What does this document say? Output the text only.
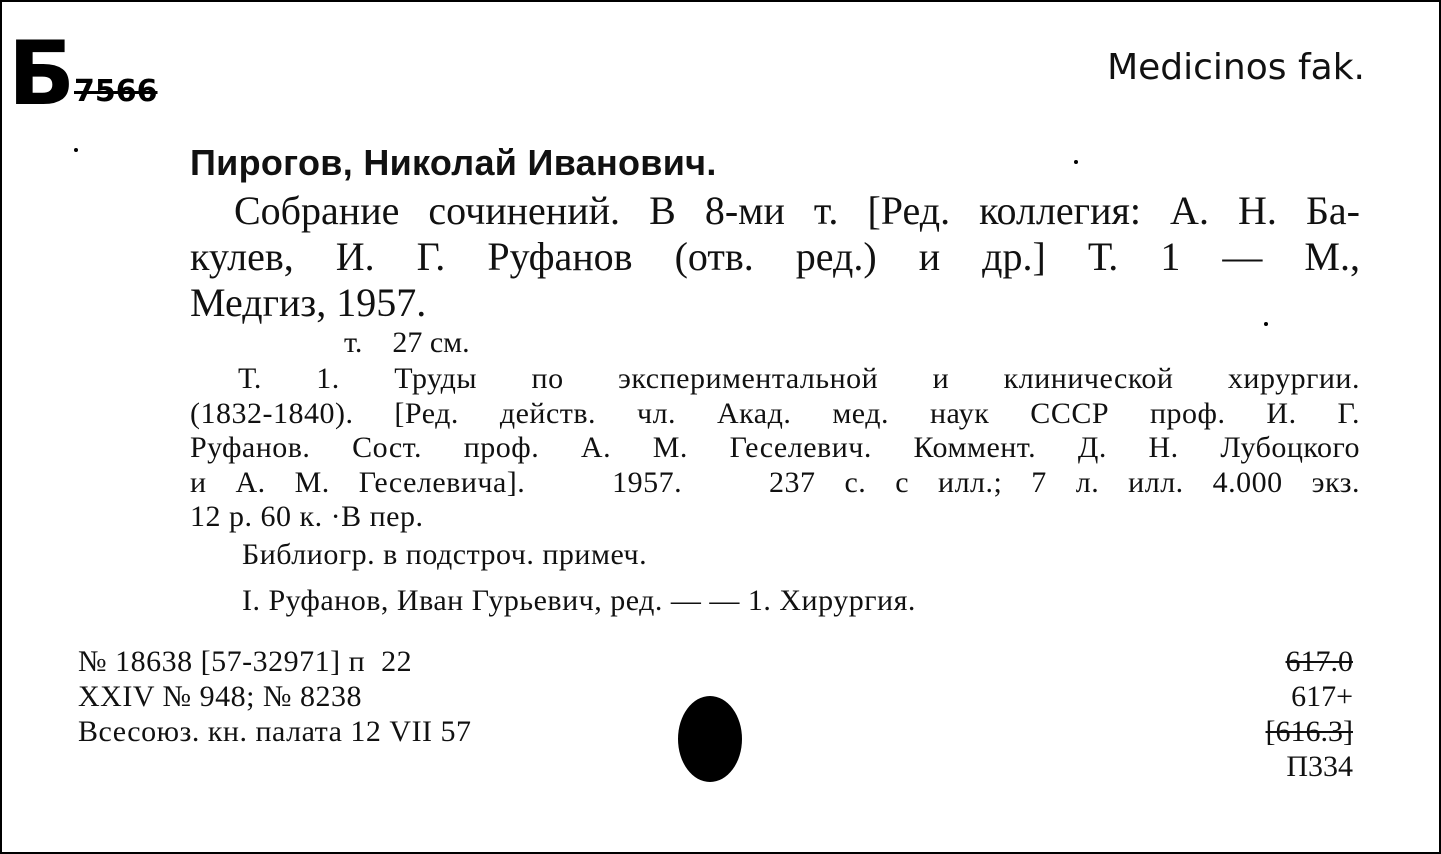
Б
7566
Medicinos fak.
Пирогов, Николай Иванович.
Собрание сочинений. В 8-ми т. [Ред. коллегия: А. Н. Ба-
кулев, И. Г. Руфанов (отв. ред.) и др.] Т. 1 — М.,
Медгиз, 1957.
т.    27 см.
Т. 1. Труды по экспериментальной и клинической хирургии.
(1832-1840). [Ред. действ. чл. Акад. мед. наук СССР проф. И. Г.
Руфанов. Сост. проф. А. М. Геселевич. Коммент. Д. Н. Лубоцкого
и А. М. Геселевича].   1957.   237 с. с илл.; 7 л. илл. 4.000 экз.
12 р. 60 к. ·В пер.
Библиогр. в подстроч. примеч.
I. Руфанов, Иван Гурьевич, ред. — — 1. Хирургия.
№ 18638 [57-32971] п  22
XXIV № 948; № 8238
Всесоюз. кн. палата 12 VII 57
617.0
617+
[616.3]
П334
